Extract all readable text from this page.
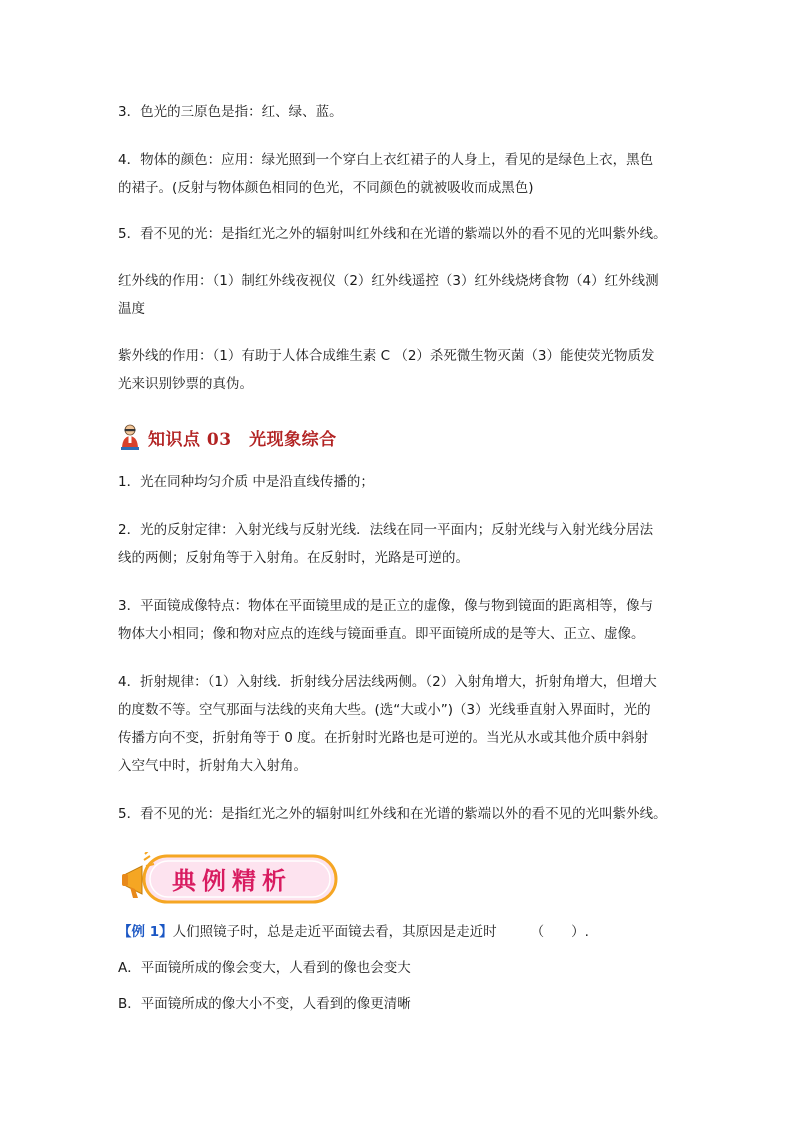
3．色光的三原色是指：红、绿、蓝。

4．物体的颜色：应用：绿光照到一个穿白上衣红裙子的人身上，看见的是绿色上衣，黑色

的裙子。(反射与物体颜色相同的色光，不同颜色的就被吸收而成黑色)

5．看不见的光：是指红光之外的辐射叫红外线和在光谱的紫端以外的看不见的光叫紫外线。

红外线的作用：（1）制红外线夜视仪（2）红外线遥控（3）红外线烧烤食物（4）红外线测

温度

紫外线的作用：（1）有助于人体合成维生素 C （2）杀死微生物灭菌（3）能使荧光物质发

光来识别钞票的真伪。

知识点 03　光现象综合

1．光在同种均匀介质 中是沿直线传播的；

2．光的反射定律：入射光线与反射光线．法线在同一平面内；反射光线与入射光线分居法

线的两侧；反射角等于入射角。在反射时，光路是可逆的。

3．平面镜成像特点：物体在平面镜里成的是正立的虚像，像与物到镜面的距离相等，像与

物体大小相同；像和物对应点的连线与镜面垂直。即平面镜所成的是等大、正立、虚像。

4．折射规律：（1）入射线．折射线分居法线两侧。（2）入射角增大，折射角增大，但增大

的度数不等。空气那面与法线的夹角大些。(选“大或小”)（3）光线垂直射入界面时，光的

传播方向不变，折射角等于 0 度。在折射时光路也是可逆的。当光从水或其他介质中斜射

入空气中时，折射角大入射角。

5．看不见的光：是指红光之外的辐射叫红外线和在光谱的紫端以外的看不见的光叫紫外线。

典例精析
【例 1】人们照镜子时，总是走近平面镜去看，其原因是走近时	（　　）.
A．平面镜所成的像会变大，人看到的像也会变大
B．平面镜所成的像大小不变，人看到的像更清晰
